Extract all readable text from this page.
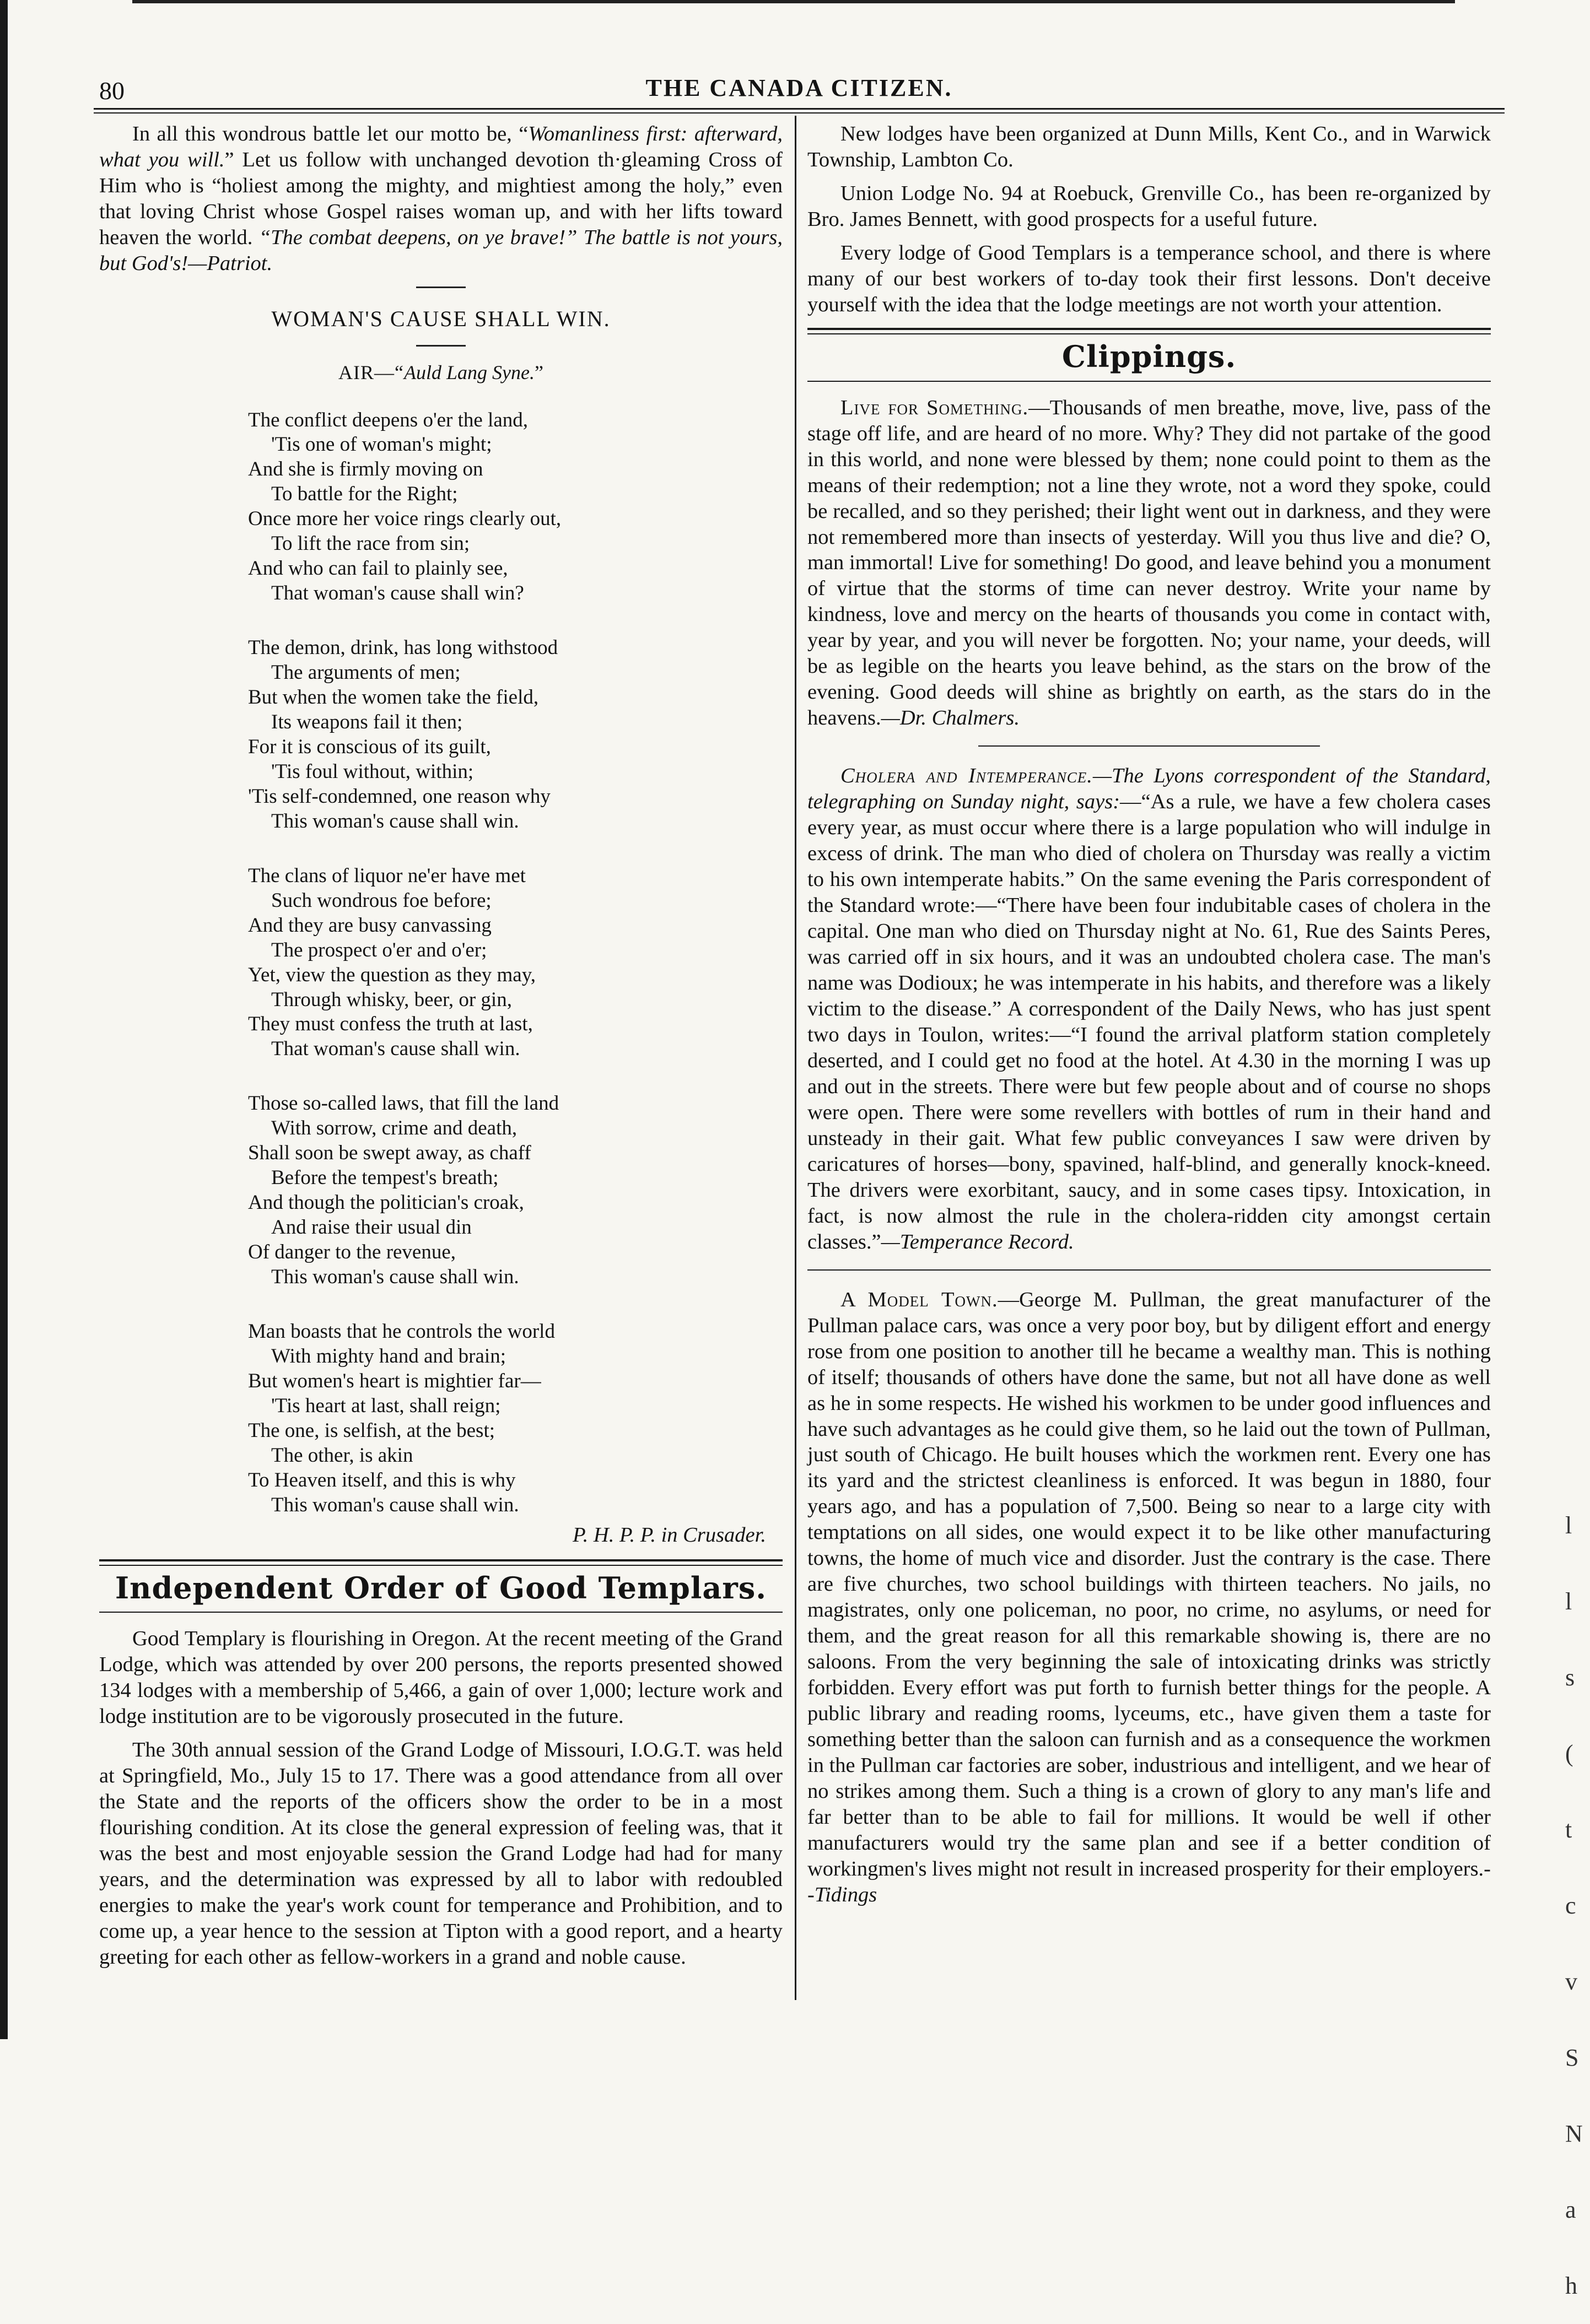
80	THE CANADA CITIZEN.

In all this wondrous battle let our motto be, “Womanliness first: afterward, what you will.” Let us follow with unchanged devotion th·gleaming Cross of Him who is “holiest among the mighty, and mightiest among the holy,” even that loving Christ whose Gospel raises woman up, and with her lifts toward heaven the world. “The combat deepens, on ye brave!” The battle is not yours, but God's!—Patriot.

WOMAN'S CAUSE SHALL WIN.
AIR—“Auld Lang Syne.”
The conflict deepens o'er the land,
'Tis one of woman's might;
And she is firmly moving on
To battle for the Right;
Once more her voice rings clearly out,
To lift the race from sin;
And who can fail to plainly see,
That woman's cause shall win?
The demon, drink, has long withstood
The arguments of men;
But when the women take the field,
Its weapons fail it then;
For it is conscious of its guilt,
'Tis foul without, within;
'Tis self-condemned, one reason why
This woman's cause shall win.
The clans of liquor ne'er have met
Such wondrous foe before;
And they are busy canvassing
The prospect o'er and o'er;
Yet, view the question as they may,
Through whisky, beer, or gin,
They must confess the truth at last,
That woman's cause shall win.
Those so-called laws, that fill the land
With sorrow, crime and death,
Shall soon be swept away, as chaff
Before the tempest's breath;
And though the politician's croak,
And raise their usual din
Of danger to the revenue,
This woman's cause shall win.
Man boasts that he controls the world
With mighty hand and brain;
But women's heart is mightier far—
'Tis heart at last, shall reign;
The one, is selfish, at the best;
The other, is akin
To Heaven itself, and this is why
This woman's cause shall win.
P. H. P. P. in Crusader.
Independent Order of Good Templars.

Good Templary is flourishing in Oregon. At the recent meeting of the Grand Lodge, which was attended by over 200 persons, the reports presented showed 134 lodges with a membership of 5,466, a gain of over 1,000; lecture work and lodge institution are to be vigorously prosecuted in the future.

The 30th annual session of the Grand Lodge of Missouri, I.O.G.T. was held at Springfield, Mo., July 15 to 17. There was a good attendance from all over the State and the reports of the officers show the order to be in a most flourishing condition. At its close the general expression of feeling was, that it was the best and most enjoyable session the Grand Lodge had had for many years, and the determination was expressed by all to labor with redoubled energies to make the year's work count for temperance and Prohibition, and to come up, a year hence to the session at Tipton with a good report, and a hearty greeting for each other as fellow-workers in a grand and noble cause.

New lodges have been organized at Dunn Mills, Kent Co., and in Warwick Township, Lambton Co.

Union Lodge No. 94 at Roebuck, Grenville Co., has been re-organized by Bro. James Bennett, with good prospects for a useful future.

Every lodge of Good Templars is a temperance school, and there is where many of our best workers of to-day took their first lessons. Don't deceive yourself with the idea that the lodge meetings are not worth your attention.

Clippings.

Live for Something.—Thousands of men breathe, move, live, pass of the stage off life, and are heard of no more. Why? They did not partake of the good in this world, and none were blessed by them; none could point to them as the means of their redemption; not a line they wrote, not a word they spoke, could be recalled, and so they perished; their light went out in darkness, and they were not remembered more than insects of yesterday. Will you thus live and die? O, man immortal! Live for something! Do good, and leave behind you a monument of virtue that the storms of time can never destroy. Write your name by kindness, love and mercy on the hearts of thousands you come in contact with, year by year, and you will never be forgotten. No; your name, your deeds, will be as legible on the hearts you leave behind, as the stars on the brow of the evening. Good deeds will shine as brightly on earth, as the stars do in the heavens.—Dr. Chalmers.

Cholera and Intemperance.—The Lyons correspondent of the Standard, telegraphing on Sunday night, says:—“As a rule, we have a few cholera cases every year, as must occur where there is a large population who will indulge in excess of drink. The man who died of cholera on Thursday was really a victim to his own intemperate habits.” On the same evening the Paris correspondent of the Standard wrote:—“There have been four indubitable cases of cholera in the capital. One man who died on Thursday night at No. 61, Rue des Saints Peres, was carried off in six hours, and it was an undoubted cholera case. The man's name was Dodioux; he was intemperate in his habits, and therefore was a likely victim to the disease.” A correspondent of the Daily News, who has just spent two days in Toulon, writes:—“I found the arrival platform station completely deserted, and I could get no food at the hotel. At 4.30 in the morning I was up and out in the streets. There were but few people about and of course no shops were open. There were some revellers with bottles of rum in their hand and unsteady in their gait. What few public conveyances I saw were driven by caricatures of horses—bony, spavined, half-blind, and generally knock-kneed. The drivers were exorbitant, saucy, and in some cases tipsy. Intoxication, in fact, is now almost the rule in the cholera-ridden city amongst certain classes.”—Temperance Record.

A Model Town.—George M. Pullman, the great manufacturer of the Pullman palace cars, was once a very poor boy, but by diligent effort and energy rose from one position to another till he became a wealthy man. This is nothing of itself; thousands of others have done the same, but not all have done as well as he in some respects. He wished his workmen to be under good influences and have such advantages as he could give them, so he laid out the town of Pullman, just south of Chicago. He built houses which the workmen rent. Every one has its yard and the strictest cleanliness is enforced. It was begun in 1880, four years ago, and has a population of 7,500. Being so near to a large city with temptations on all sides, one would expect it to be like other manufacturing towns, the home of much vice and disorder. Just the contrary is the case. There are five churches, two school buildings with thirteen teachers. No jails, no magistrates, only one policeman, no poor, no crime, no asylums, or need for them, and the great reason for all this remarkable showing is, there are no saloons. From the very beginning the sale of intoxicating drinks was strictly forbidden. Every effort was put forth to furnish better things for the people. A public library and reading rooms, lyceums, etc., have given them a taste for something better than the saloon can furnish and as a consequence the workmen in the Pullman car factories are sober, industrious and intelligent, and we hear of no strikes among them. Such a thing is a crown of glory to any man's life and far better than to be able to fail for millions. It would be well if other manufacturers would try the same plan and see if a better condition of workingmen's lives might not result in increased prosperity for their employers.--Tidings

l
l
s
(
t
c
v
S
N
a
h
